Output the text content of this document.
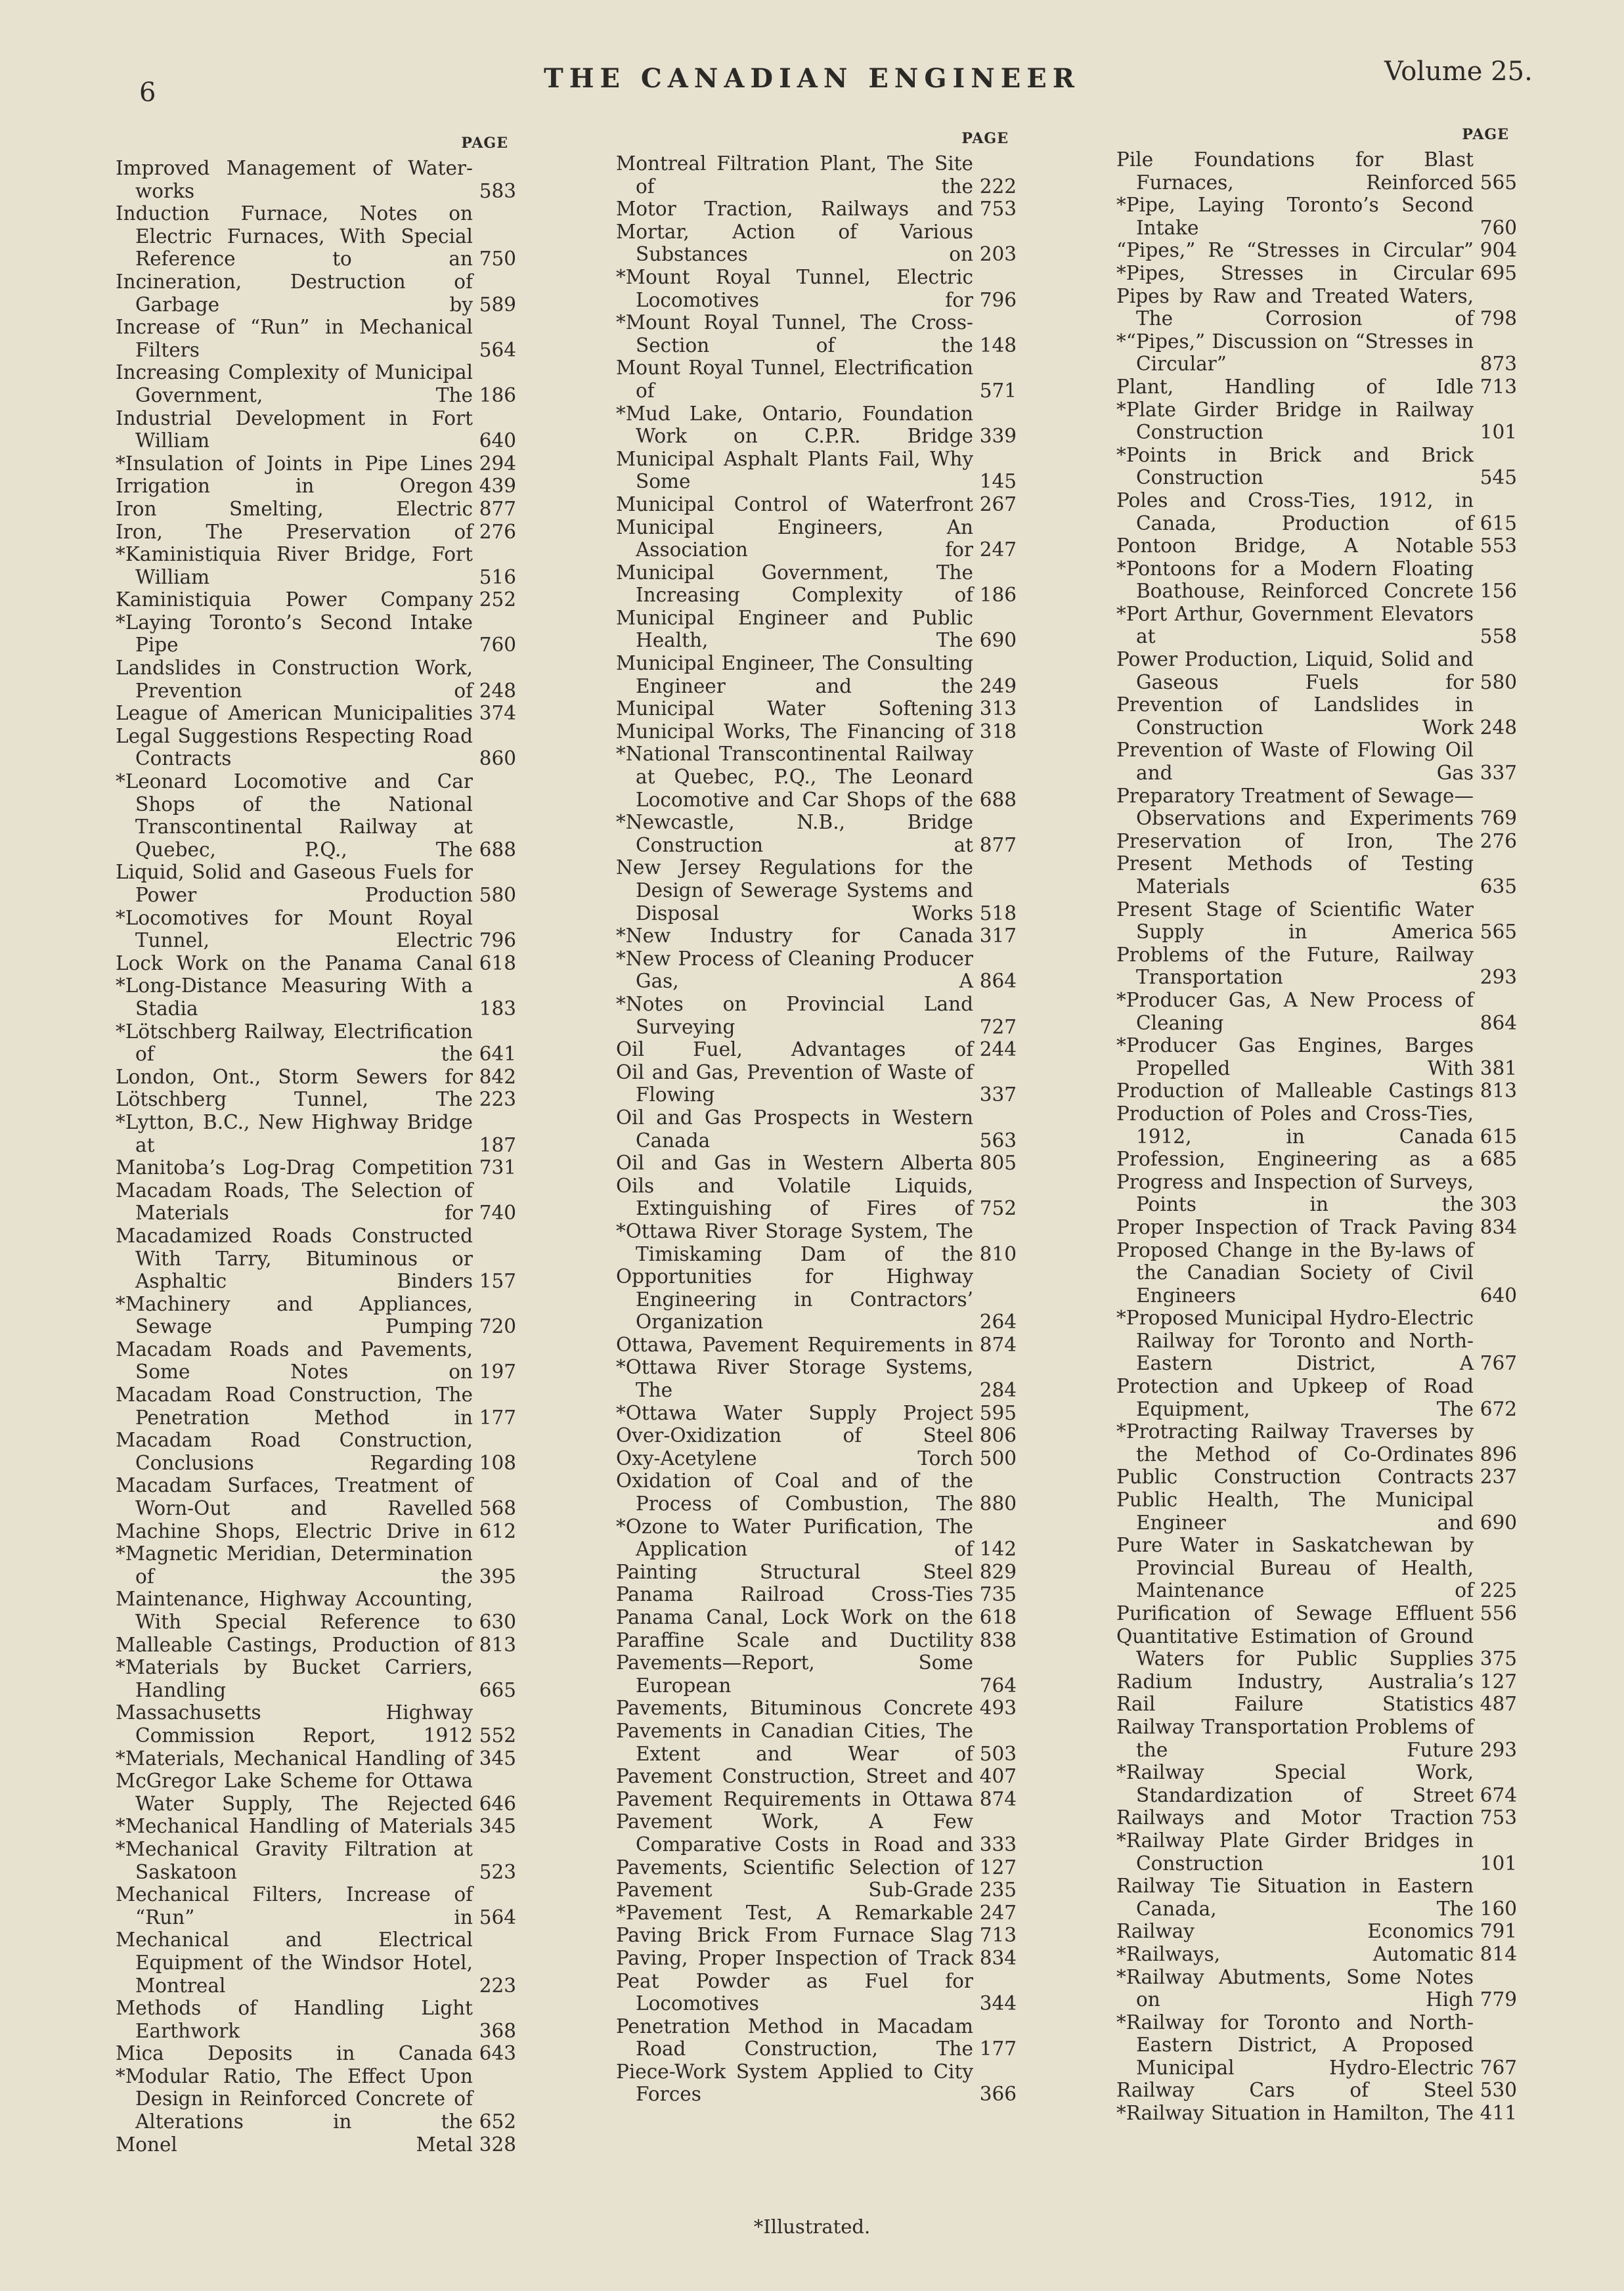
6	THE CANADIAN ENGINEER	Volume 25.
PAGE
Improved Management of Water-works	583
Induction Furnace, Notes on Electric Furnaces, With Special Reference to an 750
Incineration, Destruction of Garbage by 589
Increase of “Run” in Mechanical Filters	564
Increasing Complexity of Municipal Government, The 186
Industrial Development in Fort William	640
*Insulation of Joints in Pipe Lines 294
Irrigation in Oregon 439
Iron Smelting, Electric 877
Iron, The Preservation of 276
*Kaministiquia River Bridge, Fort William	516
Kaministiquia Power Company 252
*Laying Toronto’s Second Intake Pipe	760
Landslides in Construction Work, Prevention of 248
League of American Municipalities 374
Legal Suggestions Respecting Road Contracts	860
*Leonard Locomotive and Car Shops of the National Transcontinental Railway at Quebec, P.Q., The 688
Liquid, Solid and Gaseous Fuels for Power Production 580
*Locomotives for Mount Royal Tunnel, Electric 796
Lock Work on the Panama Canal 618
*Long-Distance Measuring With a Stadia	183
*Lötschberg Railway, Electrification of the 641
London, Ont., Storm Sewers for 842
Lötschberg Tunnel, The 223
*Lytton, B.C., New Highway Bridge at	187
Manitoba’s Log-Drag Competition 731
Macadam Roads, The Selection of Materials for 740
Macadamized Roads Constructed With Tarry, Bituminous or Asphaltic Binders 157
*Machinery and Appliances, Sewage Pumping 720
Macadam Roads and Pavements, Some Notes on 197
Macadam Road Construction, The Penetration Method in 177
Macadam Road Construction, Conclusions Regarding 108
Macadam Surfaces, Treatment of Worn-Out and Ravelled 568
Machine Shops, Electric Drive in 612
*Magnetic Meridian, Determination of the 395
Maintenance, Highway Accounting, With Special Reference to 630
Malleable Castings, Production of 813
*Materials by Bucket Carriers, Handling	665
Massachusetts Highway Commission Report, 1912 552
*Materials, Mechanical Handling of 345
McGregor Lake Scheme for Ottawa Water Supply, The Rejected 646
*Mechanical Handling of Materials 345
*Mechanical Gravity Filtration at Saskatoon	523
Mechanical Filters, Increase of “Run” in 564
Mechanical and Electrical Equipment of the Windsor Hotel, Montreal	223
Methods of Handling Light Earthwork	368
Mica Deposits in Canada 643
*Modular Ratio, The Effect Upon Design in Reinforced Concrete of Alterations in the 652
Monel Metal 328
PAGE
Montreal Filtration Plant, The Site of the 222
Motor Traction, Railways and 753
Mortar, Action of Various Substances on 203
*Mount Royal Tunnel, Electric Locomotives for 796
*Mount Royal Tunnel, The Cross-Section of the 148
Mount Royal Tunnel, Electrification of	571
*Mud Lake, Ontario, Foundation Work on C.P.R. Bridge 339
Municipal Asphalt Plants Fail, Why Some	145
Municipal Control of Waterfront 267
Municipal Engineers, An Association for 247
Municipal Government, The Increasing Complexity of 186
Municipal Engineer and Public Health, The 690
Municipal Engineer, The Consulting Engineer and the 249
Municipal Water Softening 313
Municipal Works, The Financing of 318
*National Transcontinental Railway at Quebec, P.Q., The Leonard Locomotive and Car Shops of the 688
*Newcastle, N.B., Bridge Construction at 877
New Jersey Regulations for the Design of Sewerage Systems and Disposal Works 518
*New Industry for Canada 317
*New Process of Cleaning Producer Gas, A 864
*Notes on Provincial Land Surveying	727
Oil Fuel, Advantages of 244
Oil and Gas, Prevention of Waste of Flowing	337
Oil and Gas Prospects in Western Canada	563
Oil and Gas in Western Alberta 805
Oils and Volatile Liquids, Extinguishing of Fires of 752
*Ottawa River Storage System, The Timiskaming Dam of the 810
Opportunities for Highway Engineering in Contractors’ Organization	264
Ottawa, Pavement Requirements in 874
*Ottawa River Storage Systems, The	284
*Ottawa Water Supply Project 595
Over-Oxidization of Steel 806
Oxy-Acetylene Torch 500
Oxidation of Coal and of the Process of Combustion, The 880
*Ozone to Water Purification, The Application of 142
Painting Structural Steel 829
Panama Railroad Cross-Ties 735
Panama Canal, Lock Work on the 618
Paraffine Scale and Ductility 838
Pavements—Report, Some European	764
Pavements, Bituminous Concrete 493
Pavements in Canadian Cities, The Extent and Wear of 503
Pavement Construction, Street and 407
Pavement Requirements in Ottawa 874
Pavement Work, A Few Comparative Costs in Road and 333
Pavements, Scientific Selection of 127
Pavement Sub-Grade 235
*Pavement Test, A Remarkable 247
Paving Brick From Furnace Slag 713
Paving, Proper Inspection of Track 834
Peat Powder as Fuel for Locomotives	344
Penetration Method in Macadam Road Construction, The 177
Piece-Work System Applied to City Forces	366
PAGE
Pile Foundations for Blast Furnaces, Reinforced 565
*Pipe, Laying Toronto’s Second Intake	760
“Pipes,” Re “Stresses in Circular” 904
*Pipes, Stresses in Circular 695
Pipes by Raw and Treated Waters, The Corrosion of 798
*“Pipes,” Discussion on “Stresses in Circular”	873
Plant, Handling of Idle 713
*Plate Girder Bridge in Railway Construction	101
*Points in Brick and Brick Construction	545
Poles and Cross-Ties, 1912, in Canada, Production of 615
Pontoon Bridge, A Notable 553
*Pontoons for a Modern Floating Boathouse, Reinforced Concrete 156
*Port Arthur, Government Elevators at	558
Power Production, Liquid, Solid and Gaseous Fuels for 580
Prevention of Landslides in Construction Work 248
Prevention of Waste of Flowing Oil and Gas 337
Preparatory Treatment of Sewage—Observations and Experiments 769
Preservation of Iron, The 276
Present Methods of Testing Materials	635
Present Stage of Scientific Water Supply in America 565
Problems of the Future, Railway Transportation	293
*Producer Gas, A New Process of Cleaning	864
*Producer Gas Engines, Barges Propelled With 381
Production of Malleable Castings 813
Production of Poles and Cross-Ties, 1912, in Canada 615
Profession, Engineering as a 685
Progress and Inspection of Surveys, Points in the 303
Proper Inspection of Track Paving 834
Proposed Change in the By-laws of the Canadian Society of Civil Engineers	640
*Proposed Municipal Hydro-Electric Railway for Toronto and North-Eastern District, A 767
Protection and Upkeep of Road Equipment, The 672
*Protracting Railway Traverses by the Method of Co-Ordinates 896
Public Construction Contracts 237
Public Health, The Municipal Engineer and 690
Pure Water in Saskatchewan by Provincial Bureau of Health, Maintenance of 225
Purification of Sewage Effluent 556
Quantitative Estimation of Ground Waters for Public Supplies 375
Radium Industry, Australia’s 127
Rail Failure Statistics 487
Railway Transportation Problems of the Future 293
*Railway Special Work, Standardization of Street 674
Railways and Motor Traction 753
*Railway Plate Girder Bridges in Construction	101
Railway Tie Situation in Eastern Canada, The 160
Railway Economics 791
*Railways, Automatic 814
*Railway Abutments, Some Notes on High 779
*Railway for Toronto and North-Eastern District, A Proposed Municipal Hydro-Electric 767
Railway Cars of Steel 530
*Railway Situation in Hamilton, The 411
*Illustrated.
